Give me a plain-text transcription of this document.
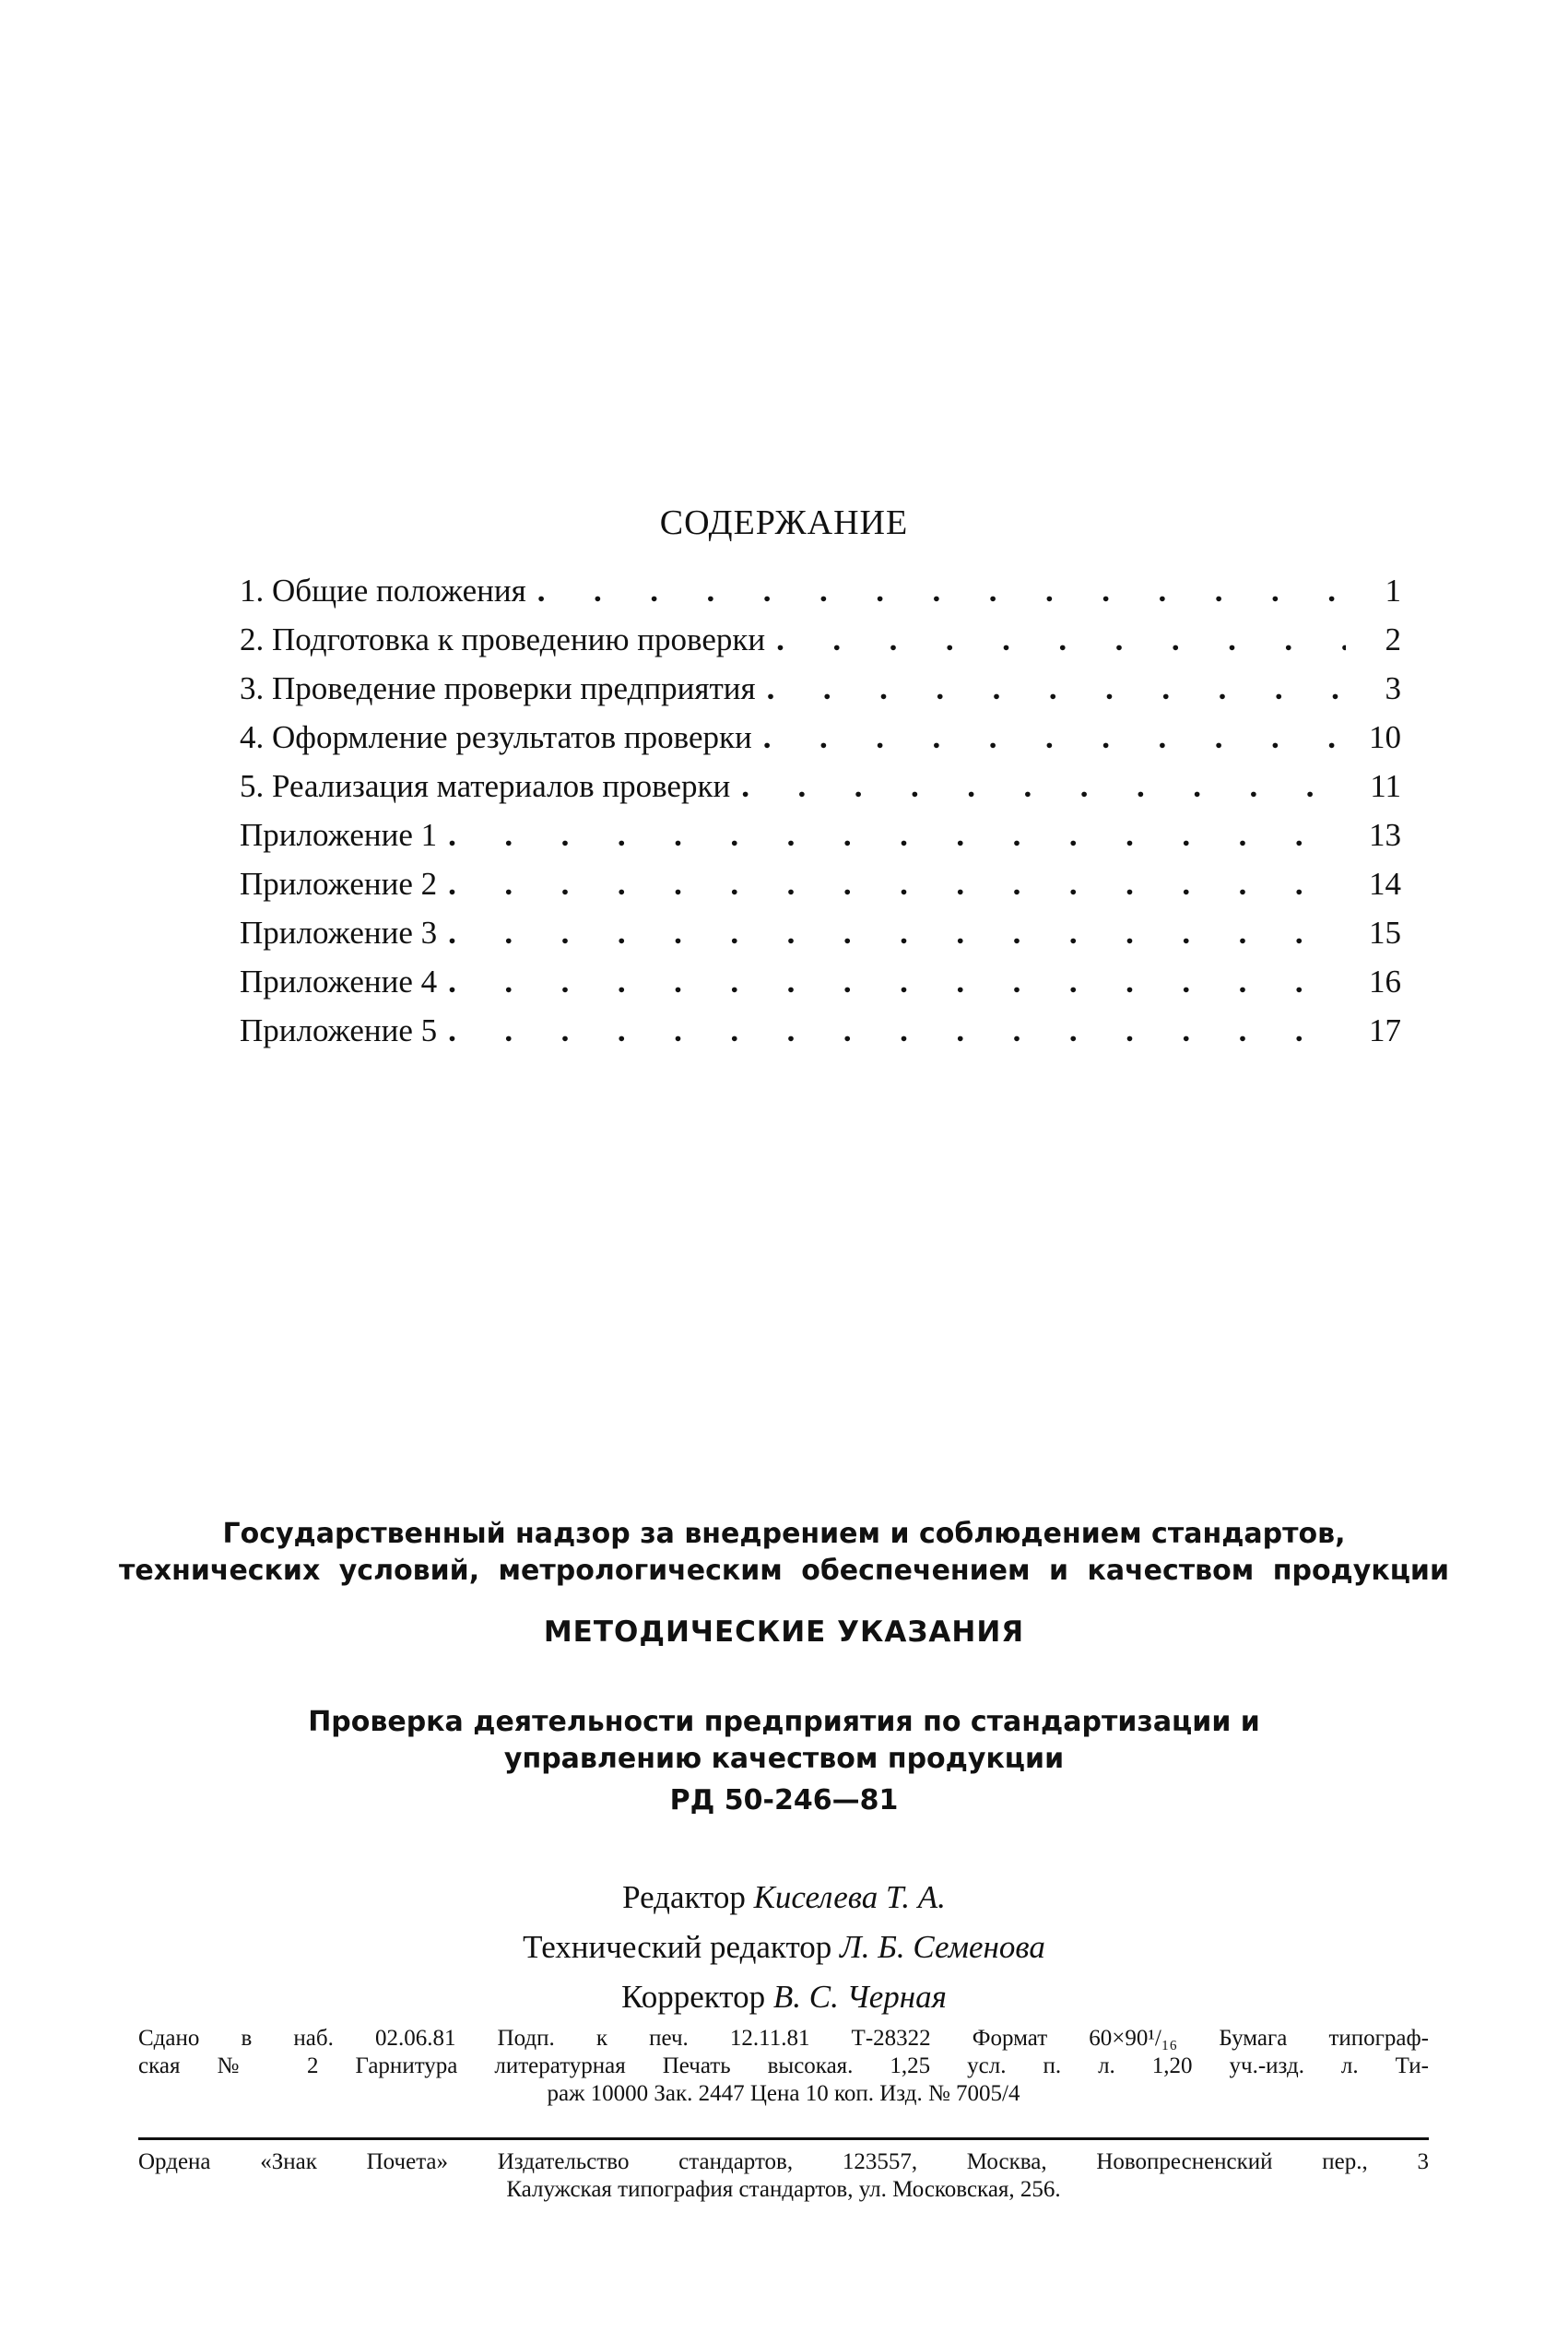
СОДЕРЖАНИЕ
1. Общие положения .	1
2. Подготовка к проведению проверки .	2
3. Проведение проверки предприятия .	3
4. Оформление результатов проверки .	10
5. Реализация материалов проверки .	11
Приложение 1 .	13
Приложение 2 .	14
Приложение 3 .	15
Приложение 4 .	16
Приложение 5 .	17
Государственный надзор за внедрением и соблюдением стандартов,
технических условий, метрологическим обеспечением и качеством продукции
МЕТОДИЧЕСКИЕ УКАЗАНИЯ
Проверка деятельности предприятия по стандартизации и
управлению качеством продукции
РД 50-246—81
Редактор Киселева Т. А.
Технический редактор Л. Б. Семенова
Корректор В. С. Черная
Сдано в наб. 02.06.81 Подп. к печ. 12.11.81 Т-28322 Формат 60×90¹/₁₆ Бумага типограф-
ская № 2 Гарнитура литературная Печать высокая. 1,25 усл. п. л. 1,20 уч.-изд. л. Ти-
раж 10000 Зак. 2447 Цена 10 коп. Изд. № 7005/4
Ордена «Знак Почета» Издательство стандартов, 123557, Москва, Новопресненский пер., 3
Калужская типография стандартов, ул. Московская, 256.
